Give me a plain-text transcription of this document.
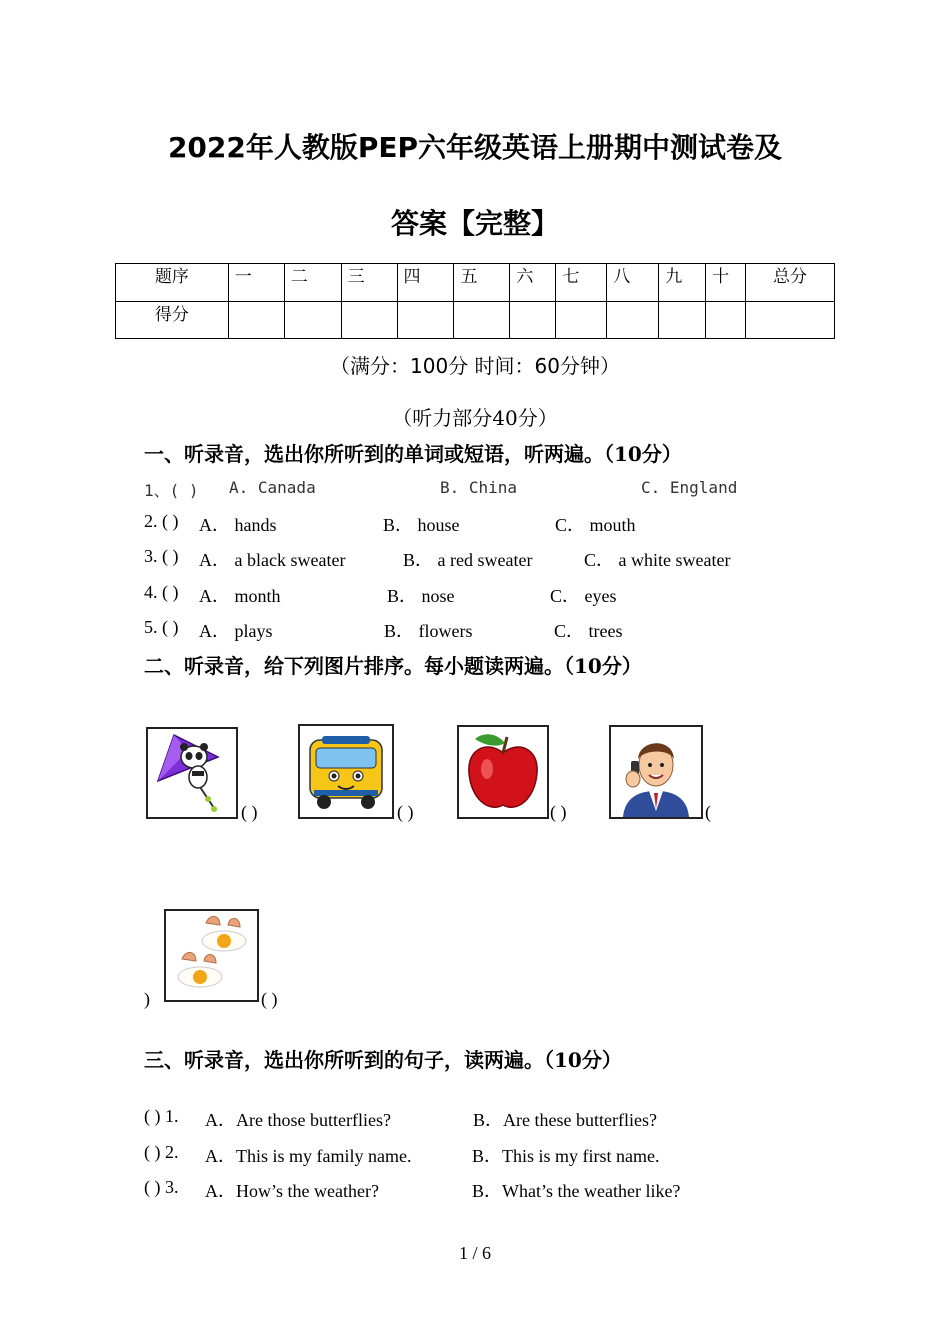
2022年人教版PEP六年级英语上册期中测试卷及
答案【完整】
题序	一	二	三	四	五	六	七	八	九	十	总分
得分											
（满分：100分 时间：60分钟）
（听力部分40分）
一、听录音，选出你所听到的单词或短语，听两遍。（10分）
1、( ) A. Canada	B. China	C. England
2. ( ) A． hands	B． house	C． mouth
3. ( ) A． a black sweater	B． a red sweater	C． a white sweater
4. ( ) A． month	B． nose	C． eyes
5. ( ) A． plays	B． flowers	C． trees
二、听录音，给下列图片排序。每小题读两遍。（10分）
( )	( )	( )	(
)	( )
三、听录音，选出你所听到的句子，读两遍。（10分）
( ) 1. A．Are those butterflies?	B．Are these butterflies?
( ) 2. A．This is my family name.	B．This is my first name.
( ) 3. A．How’s the weather?	B．What’s the weather like?
1 / 6
